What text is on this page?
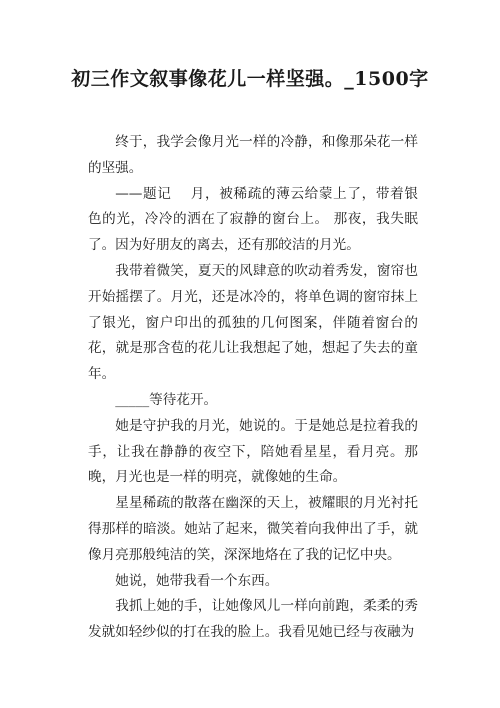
初三作文叙事像花儿一样坚强。_1500字

终于，我学会像月光一样的冷静，和像那朵花一样的坚强。

——题记　 月，被稀疏的薄云给蒙上了，带着银色的光，冷冷的洒在了寂静的窗台上。 那夜，我失眠了。因为好朋友的离去，还有那皎洁的月光。

我带着微笑，夏天的风肆意的吹动着秀发，窗帘也开始摇摆了。月光，还是冰冷的，将单色调的窗帘抹上了银光，窗户印出的孤独的几何图案，伴随着窗台的花，就是那含苞的花儿让我想起了她，想起了失去的童年。

_____等待花开。

她是守护我的月光，她说的。于是她总是拉着我的手，让我在静静的夜空下，陪她看星星，看月亮。那晚，月光也是一样的明亮，就像她的生命。

星星稀疏的散落在幽深的天上，被耀眼的月光衬托得那样的暗淡。她站了起来，微笑着向我伸出了手，就像月亮那般纯洁的笑，深深地烙在了我的记忆中央。

她说，她带我看一个东西。

我抓上她的手，让她像风儿一样向前跑，柔柔的秀发就如轻纱似的打在我的脸上。我看见她已经与夜融为
